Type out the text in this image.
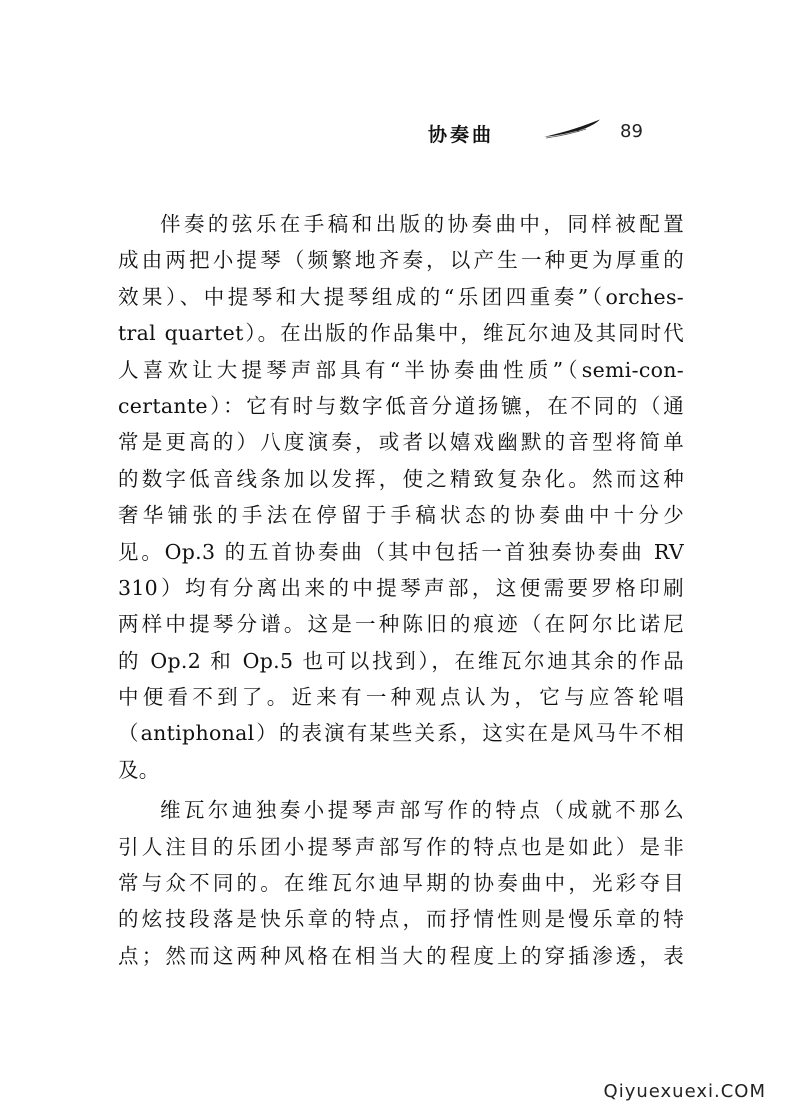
协奏曲	89
伴奏的弦乐在手稿和出版的协奏曲中，同样被配置
成由两把小提琴（频繁地齐奏，以产生一种更为厚重的
效果）、中提琴和大提琴组成的“乐团四重奏”（orches-
tral quartet）。在出版的作品集中，维瓦尔迪及其同时代
人喜欢让大提琴声部具有“半协奏曲性质”（semi-con-
certante）：它有时与数字低音分道扬镳，在不同的（通
常是更高的）八度演奏，或者以嬉戏幽默的音型将简单
的数字低音线条加以发挥，使之精致复杂化。然而这种
奢华铺张的手法在停留于手稿状态的协奏曲中十分少
见。Op.3 的五首协奏曲（其中包括一首独奏协奏曲 RV
310）均有分离出来的中提琴声部，这便需要罗格印刷
两样中提琴分谱。这是一种陈旧的痕迹（在阿尔比诺尼
的 Op.2 和 Op.5 也可以找到），在维瓦尔迪其余的作品
中便看不到了。近来有一种观点认为，它与应答轮唱
（antiphonal）的表演有某些关系，这实在是风马牛不相
及。
维瓦尔迪独奏小提琴声部写作的特点（成就不那么
引人注目的乐团小提琴声部写作的特点也是如此）是非
常与众不同的。在维瓦尔迪早期的协奏曲中，光彩夺目
的炫技段落是快乐章的特点，而抒情性则是慢乐章的特
点；然而这两种风格在相当大的程度上的穿插渗透，表
Qiyuexuexi.COM
